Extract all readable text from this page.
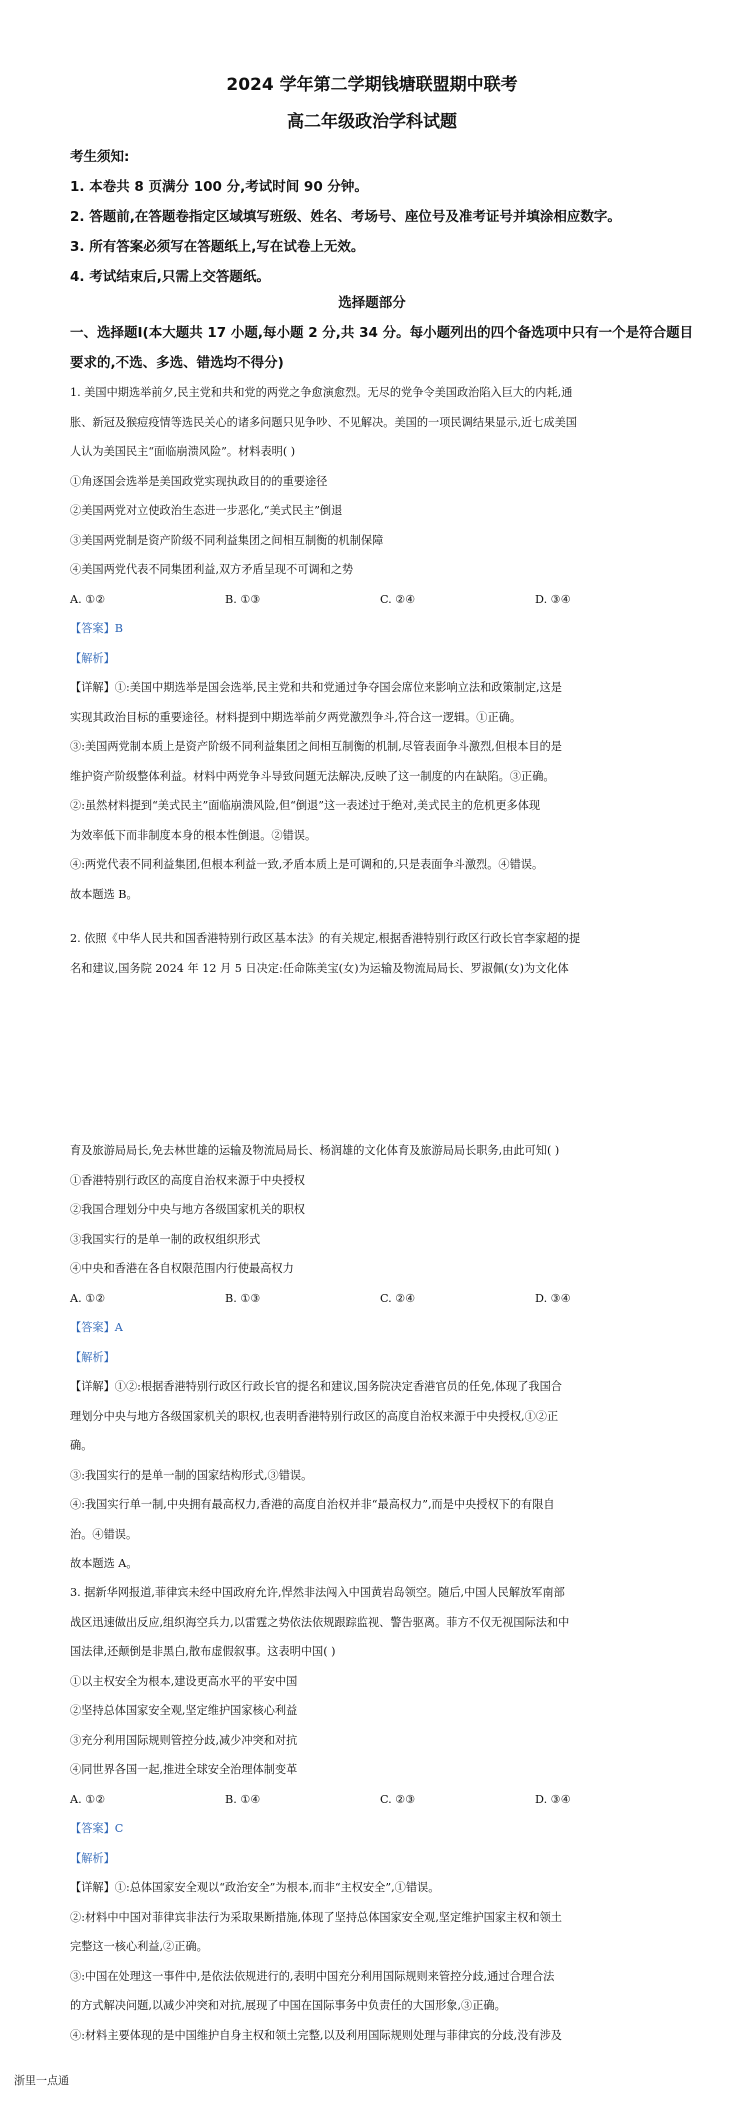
2024 学年第二学期钱塘联盟期中联考
高二年级政治学科试题
考生须知:
1. 本卷共 8 页满分 100 分,考试时间 90 分钟。
2. 答题前,在答题卷指定区域填写班级、姓名、考场号、座位号及准考证号并填涂相应数字。
3. 所有答案必须写在答题纸上,写在试卷上无效。
4. 考试结束后,只需上交答题纸。
选择题部分
一、选择题Ⅰ(本大题共 17 小题,每小题 2 分,共 34 分。每小题列出的四个备选项中只有一个是符合题目要求的,不选、多选、错选均不得分)

1. 美国中期选举前夕,民主党和共和党的两党之争愈演愈烈。无尽的党争令美国政治陷入巨大的内耗,通

胀、新冠及猴痘疫情等选民关心的诸多问题只见争吵、不见解决。美国的一项民调结果显示,近七成美国

人认为美国民主“面临崩溃风险”。材料表明( )

①角逐国会选举是美国政党实现执政目的的重要途径

②美国两党对立使政治生态进一步恶化,“美式民主”倒退

③美国两党制是资产阶级不同利益集团之间相互制衡的机制保障

④美国两党代表不同集团利益,双方矛盾呈现不可调和之势

A. ①②	B. ①③	C. ②④	D. ③④

【答案】B

【解析】

【详解】①:美国中期选举是国会选举,民主党和共和党通过争夺国会席位来影响立法和政策制定,这是

实现其政治目标的重要途径。材料提到中期选举前夕两党激烈争斗,符合这一逻辑。①正确。

③:美国两党制本质上是资产阶级不同利益集团之间相互制衡的机制,尽管表面争斗激烈,但根本目的是

维护资产阶级整体利益。材料中两党争斗导致问题无法解决,反映了这一制度的内在缺陷。③正确。

②:虽然材料提到“美式民主”面临崩溃风险,但“倒退”这一表述过于绝对,美式民主的危机更多体现

为效率低下而非制度本身的根本性倒退。②错误。

④:两党代表不同利益集团,但根本利益一致,矛盾本质上是可调和的,只是表面争斗激烈。④错误。

故本题选 B。

2. 依照《中华人民共和国香港特别行政区基本法》的有关规定,根据香港特别行政区行政长官李家超的提

名和建议,国务院 2024 年 12 月 5 日决定:任命陈美宝(女)为运输及物流局局长、罗淑佩(女)为文化体

育及旅游局局长,免去林世雄的运输及物流局局长、杨润雄的文化体育及旅游局局长职务,由此可知( )

①香港特别行政区的高度自治权来源于中央授权

②我国合理划分中央与地方各级国家机关的职权

③我国实行的是单一制的政权组织形式

④中央和香港在各自权限范围内行使最高权力

A. ①②	B. ①③	C. ②④	D. ③④

【答案】A

【解析】

【详解】①②:根据香港特别行政区行政长官的提名和建议,国务院决定香港官员的任免,体现了我国合

理划分中央与地方各级国家机关的职权,也表明香港特别行政区的高度自治权来源于中央授权,①②正

确。

③:我国实行的是单一制的国家结构形式,③错误。

④:我国实行单一制,中央拥有最高权力,香港的高度自治权并非“最高权力”,而是中央授权下的有限自

治。④错误。

故本题选 A。

3. 据新华网报道,菲律宾未经中国政府允许,悍然非法闯入中国黄岩岛领空。随后,中国人民解放军南部

战区迅速做出反应,组织海空兵力,以雷霆之势依法依规跟踪监视、警告驱离。菲方不仅无视国际法和中

国法律,还颠倒是非黑白,散布虚假叙事。这表明中国( )

①以主权安全为根本,建设更高水平的平安中国

②坚持总体国家安全观,坚定维护国家核心利益

③充分利用国际规则管控分歧,减少冲突和对抗

④同世界各国一起,推进全球安全治理体制变革

A. ①②	B. ①④	C. ②③	D. ③④

【答案】C

【解析】

【详解】①:总体国家安全观以“政治安全”为根本,而非“主权安全”,①错误。

②:材料中中国对菲律宾非法行为采取果断措施,体现了坚持总体国家安全观,坚定维护国家主权和领土

完整这一核心利益,②正确。

③:中国在处理这一事件中,是依法依规进行的,表明中国充分利用国际规则来管控分歧,通过合理合法

的方式解决问题,以减少冲突和对抗,展现了中国在国际事务中负责任的大国形象,③正确。

④:材料主要体现的是中国维护自身主权和领土完整,以及利用国际规则处理与菲律宾的分歧,没有涉及

浙里一点通
